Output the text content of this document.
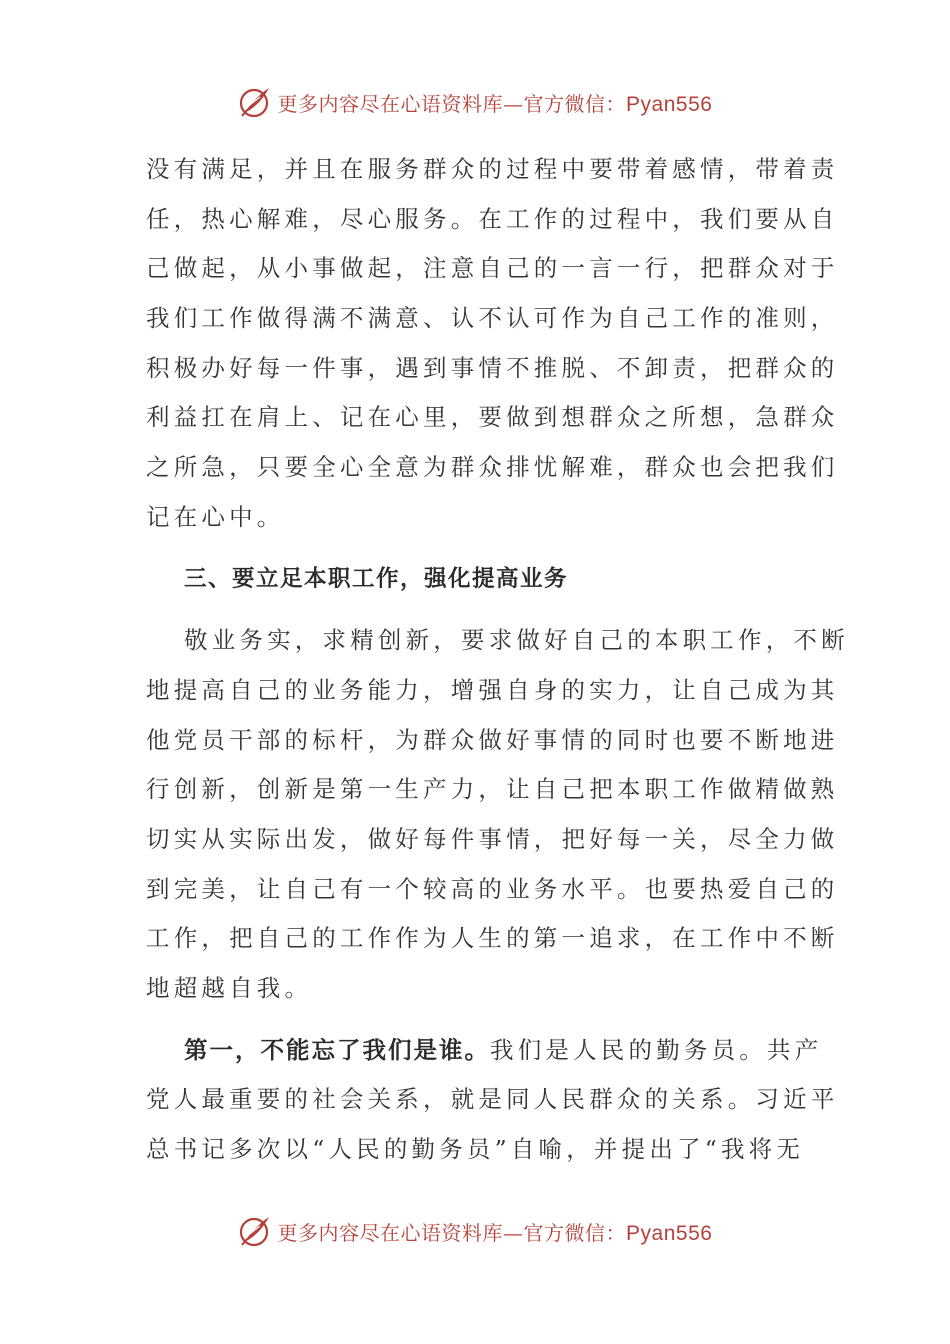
更多内容尽在心语资料库—官方微信：Pyan556
没有满足，并且在服务群众的过程中要带着感情，带着责
任，热心解难，尽心服务。在工作的过程中，我们要从自
己做起，从小事做起，注意自己的一言一行，把群众对于
我们工作做得满不满意、认不认可作为自己工作的准则，
积极办好每一件事，遇到事情不推脱、不卸责，把群众的
利益扛在肩上、记在心里，要做到想群众之所想，急群众
之所急，只要全心全意为群众排忧解难，群众也会把我们
记在心中。
三、要立足本职工作，强化提高业务
敬业务实，求精创新，要求做好自己的本职工作，不断
地提高自己的业务能力，增强自身的实力，让自己成为其
他党员干部的标杆，为群众做好事情的同时也要不断地进
行创新，创新是第一生产力，让自己把本职工作做精做熟
切实从实际出发，做好每件事情，把好每一关，尽全力做
到完美，让自己有一个较高的业务水平。也要热爱自己的
工作，把自己的工作作为人生的第一追求，在工作中不断
地超越自我。
第一，不能忘了我们是谁。我们是人民的勤务员。共产
党人最重要的社会关系，就是同人民群众的关系。习近平
总书记多次以“人民的勤务员”自喻，并提出了“我将无
更多内容尽在心语资料库—官方微信：Pyan556
